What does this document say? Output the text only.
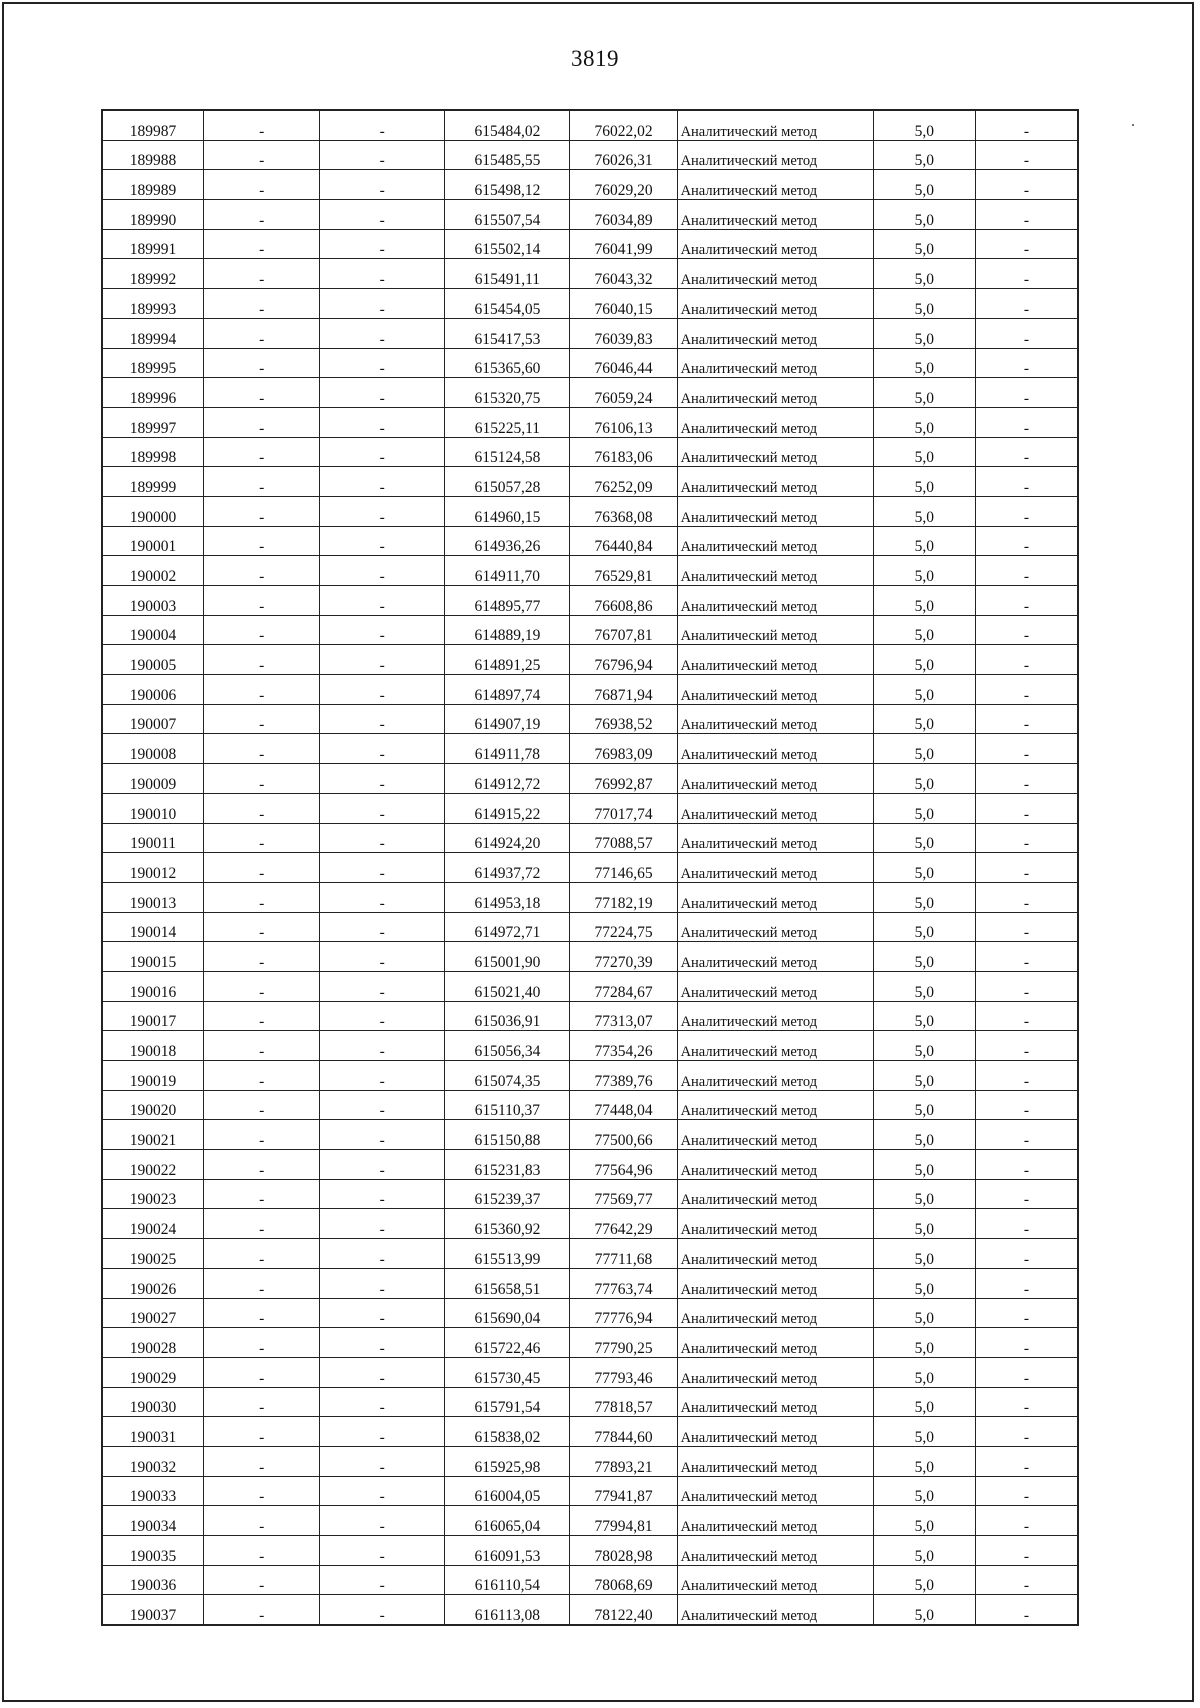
3819
189987	-	-	615484,02	76022,02	Аналитический метод	5,0	-
189988	-	-	615485,55	76026,31	Аналитический метод	5,0	-
189989	-	-	615498,12	76029,20	Аналитический метод	5,0	-
189990	-	-	615507,54	76034,89	Аналитический метод	5,0	-
189991	-	-	615502,14	76041,99	Аналитический метод	5,0	-
189992	-	-	615491,11	76043,32	Аналитический метод	5,0	-
189993	-	-	615454,05	76040,15	Аналитический метод	5,0	-
189994	-	-	615417,53	76039,83	Аналитический метод	5,0	-
189995	-	-	615365,60	76046,44	Аналитический метод	5,0	-
189996	-	-	615320,75	76059,24	Аналитический метод	5,0	-
189997	-	-	615225,11	76106,13	Аналитический метод	5,0	-
189998	-	-	615124,58	76183,06	Аналитический метод	5,0	-
189999	-	-	615057,28	76252,09	Аналитический метод	5,0	-
190000	-	-	614960,15	76368,08	Аналитический метод	5,0	-
190001	-	-	614936,26	76440,84	Аналитический метод	5,0	-
190002	-	-	614911,70	76529,81	Аналитический метод	5,0	-
190003	-	-	614895,77	76608,86	Аналитический метод	5,0	-
190004	-	-	614889,19	76707,81	Аналитический метод	5,0	-
190005	-	-	614891,25	76796,94	Аналитический метод	5,0	-
190006	-	-	614897,74	76871,94	Аналитический метод	5,0	-
190007	-	-	614907,19	76938,52	Аналитический метод	5,0	-
190008	-	-	614911,78	76983,09	Аналитический метод	5,0	-
190009	-	-	614912,72	76992,87	Аналитический метод	5,0	-
190010	-	-	614915,22	77017,74	Аналитический метод	5,0	-
190011	-	-	614924,20	77088,57	Аналитический метод	5,0	-
190012	-	-	614937,72	77146,65	Аналитический метод	5,0	-
190013	-	-	614953,18	77182,19	Аналитический метод	5,0	-
190014	-	-	614972,71	77224,75	Аналитический метод	5,0	-
190015	-	-	615001,90	77270,39	Аналитический метод	5,0	-
190016	-	-	615021,40	77284,67	Аналитический метод	5,0	-
190017	-	-	615036,91	77313,07	Аналитический метод	5,0	-
190018	-	-	615056,34	77354,26	Аналитический метод	5,0	-
190019	-	-	615074,35	77389,76	Аналитический метод	5,0	-
190020	-	-	615110,37	77448,04	Аналитический метод	5,0	-
190021	-	-	615150,88	77500,66	Аналитический метод	5,0	-
190022	-	-	615231,83	77564,96	Аналитический метод	5,0	-
190023	-	-	615239,37	77569,77	Аналитический метод	5,0	-
190024	-	-	615360,92	77642,29	Аналитический метод	5,0	-
190025	-	-	615513,99	77711,68	Аналитический метод	5,0	-
190026	-	-	615658,51	77763,74	Аналитический метод	5,0	-
190027	-	-	615690,04	77776,94	Аналитический метод	5,0	-
190028	-	-	615722,46	77790,25	Аналитический метод	5,0	-
190029	-	-	615730,45	77793,46	Аналитический метод	5,0	-
190030	-	-	615791,54	77818,57	Аналитический метод	5,0	-
190031	-	-	615838,02	77844,60	Аналитический метод	5,0	-
190032	-	-	615925,98	77893,21	Аналитический метод	5,0	-
190033	-	-	616004,05	77941,87	Аналитический метод	5,0	-
190034	-	-	616065,04	77994,81	Аналитический метод	5,0	-
190035	-	-	616091,53	78028,98	Аналитический метод	5,0	-
190036	-	-	616110,54	78068,69	Аналитический метод	5,0	-
190037	-	-	616113,08	78122,40	Аналитический метод	5,0	-
